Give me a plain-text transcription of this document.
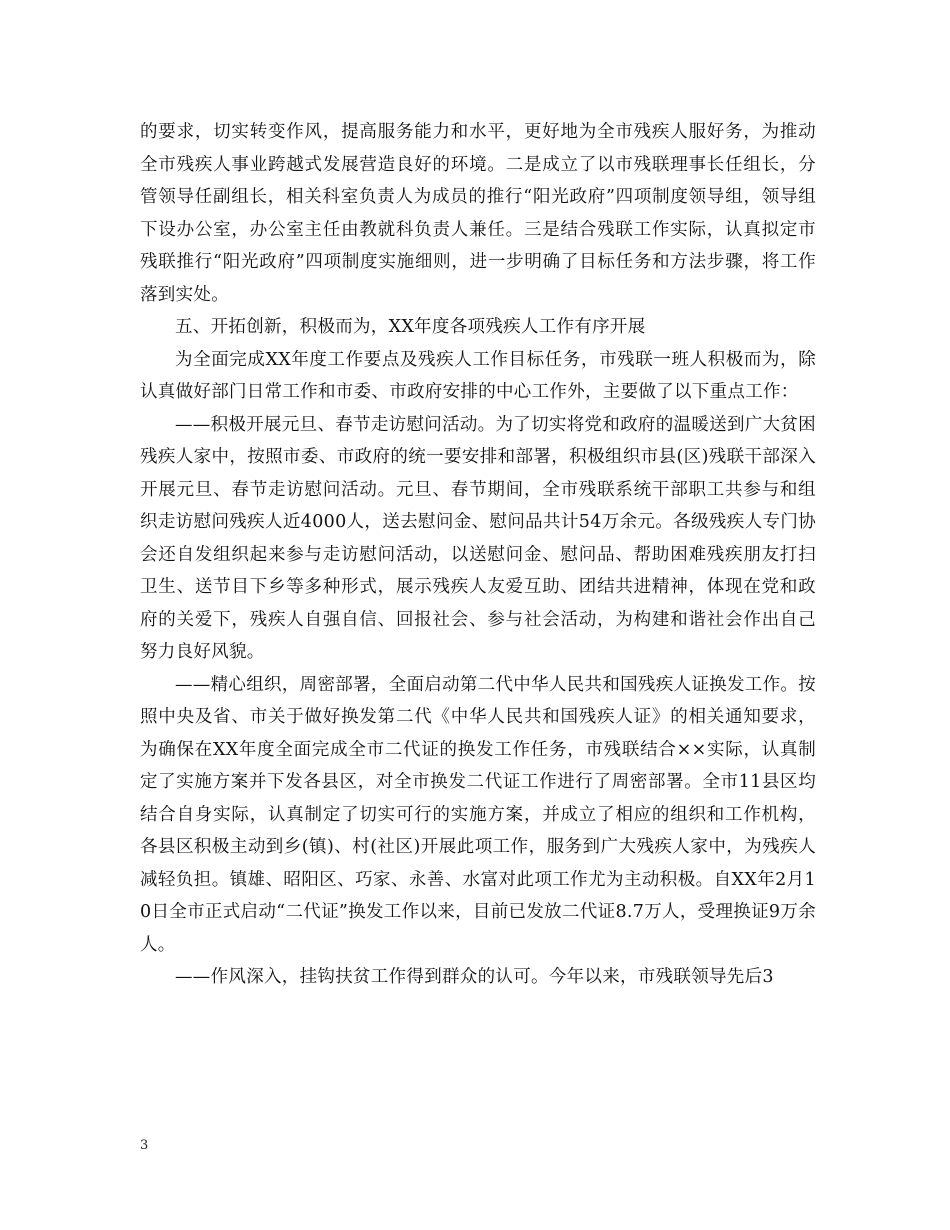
的要求，切实转变作风，提高服务能力和水平，更好地为全市残疾人服好务，为推动全市残疾人事业跨越式发展营造良好的环境。二是成立了以市残联理事长任组长，分管领导任副组长，相关科室负责人为成员的推行“阳光政府”四项制度领导组，领导组下设办公室，办公室主任由教就科负责人兼任。三是结合残联工作实际，认真拟定市残联推行“阳光政府”四项制度实施细则，进一步明确了目标任务和方法步骤，将工作落到实处。

五、开拓创新，积极而为，XX年度各项残疾人工作有序开展

为全面完成XX年度工作要点及残疾人工作目标任务，市残联一班人积极而为，除认真做好部门日常工作和市委、市政府安排的中心工作外，主要做了以下重点工作：

——积极开展元旦、春节走访慰问活动。为了切实将党和政府的温暖送到广大贫困残疾人家中，按照市委、市政府的统一要安排和部署，积极组织市县(区)残联干部深入开展元旦、春节走访慰问活动。元旦、春节期间，全市残联系统干部职工共参与和组织走访慰问残疾人近4000人，送去慰问金、慰问品共计54万余元。各级残疾人专门协会还自发组织起来参与走访慰问活动，以送慰问金、慰问品、帮助困难残疾朋友打扫卫生、送节目下乡等多种形式，展示残疾人友爱互助、团结共进精神，体现在党和政府的关爱下，残疾人自强自信、回报社会、参与社会活动，为构建和谐社会作出自己努力良好风貌。

——精心组织，周密部署，全面启动第二代中华人民共和国残疾人证换发工作。按照中央及省、市关于做好换发第二代《中华人民共和国残疾人证》的相关通知要求，为确保在XX年度全面完成全市二代证的换发工作任务，市残联结合××实际，认真制定了实施方案并下发各县区，对全市换发二代证工作进行了周密部署。全市11县区均结合自身实际，认真制定了切实可行的实施方案，并成立了相应的组织和工作机构，各县区积极主动到乡(镇)、村(社区)开展此项工作，服务到广大残疾人家中，为残疾人减轻负担。镇雄、昭阳区、巧家、永善、水富对此项工作尤为主动积极。自XX年2月10日全市正式启动“二代证”换发工作以来，目前已发放二代证8.7万人，受理换证9万余人。

——作风深入，挂钩扶贫工作得到群众的认可。今年以来，市残联领导先后3

3
